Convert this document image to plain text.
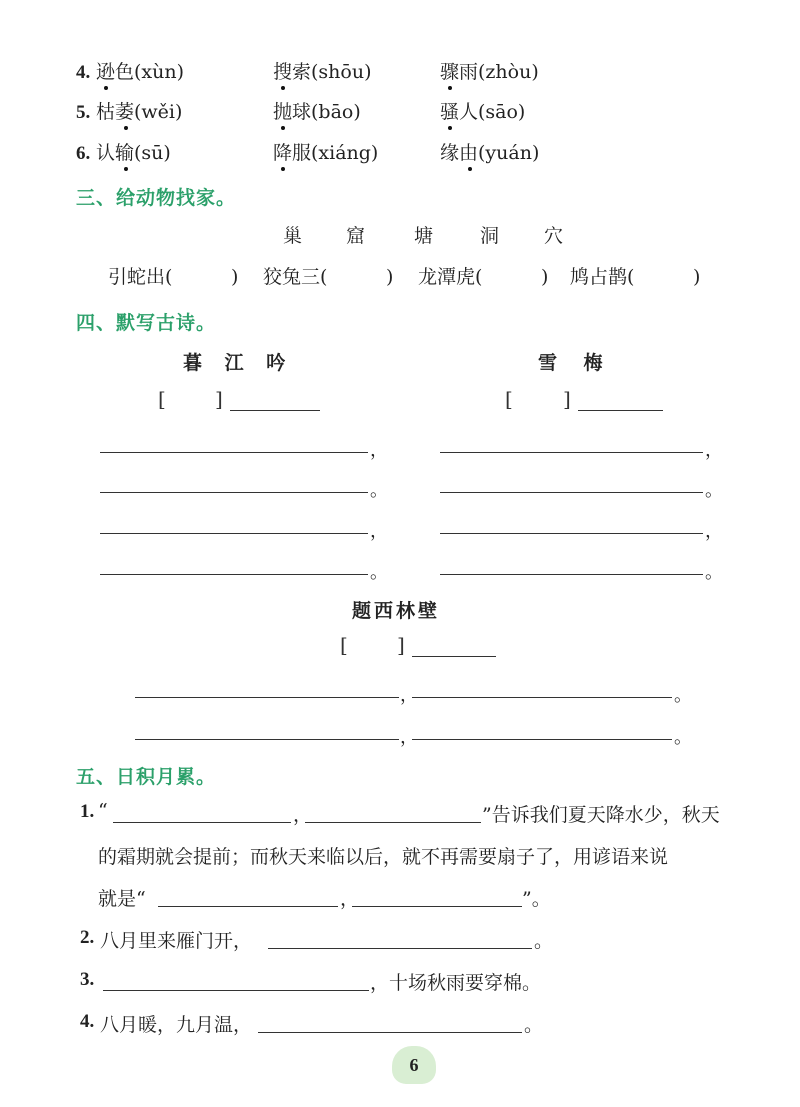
4. 逊色(xùn)	搜索(shōu)	骤雨(zhòu)
5. 枯萎(wěi)	抛球(bāo)	骚人(sāo)
6. 认输(sū)	降服(xiáng)	缘由(yuán)
三、给动物找家。
巢 窟	塘 洞 穴
引蛇出(	) 狡兔三(	) 龙潭虎(	) 鸠占鹊(	)
四、默写古诗。
暮 江 吟	雪    梅
[ ]	[	]
，
。
，
。
，
。
，
。
题西林壁
[ ]
，	。
，	。
五、日积月累。
1. “	，	”告诉我们夏天降水少，秋天
的霜期就会提前；而秋天来临以后，就不再需要扇子了，用谚语来说
就是“	，	”。
2. 八月里来雁门开，	。
3.	，十场秋雨要穿棉。
4. 八月暖，九月温，	。
6
